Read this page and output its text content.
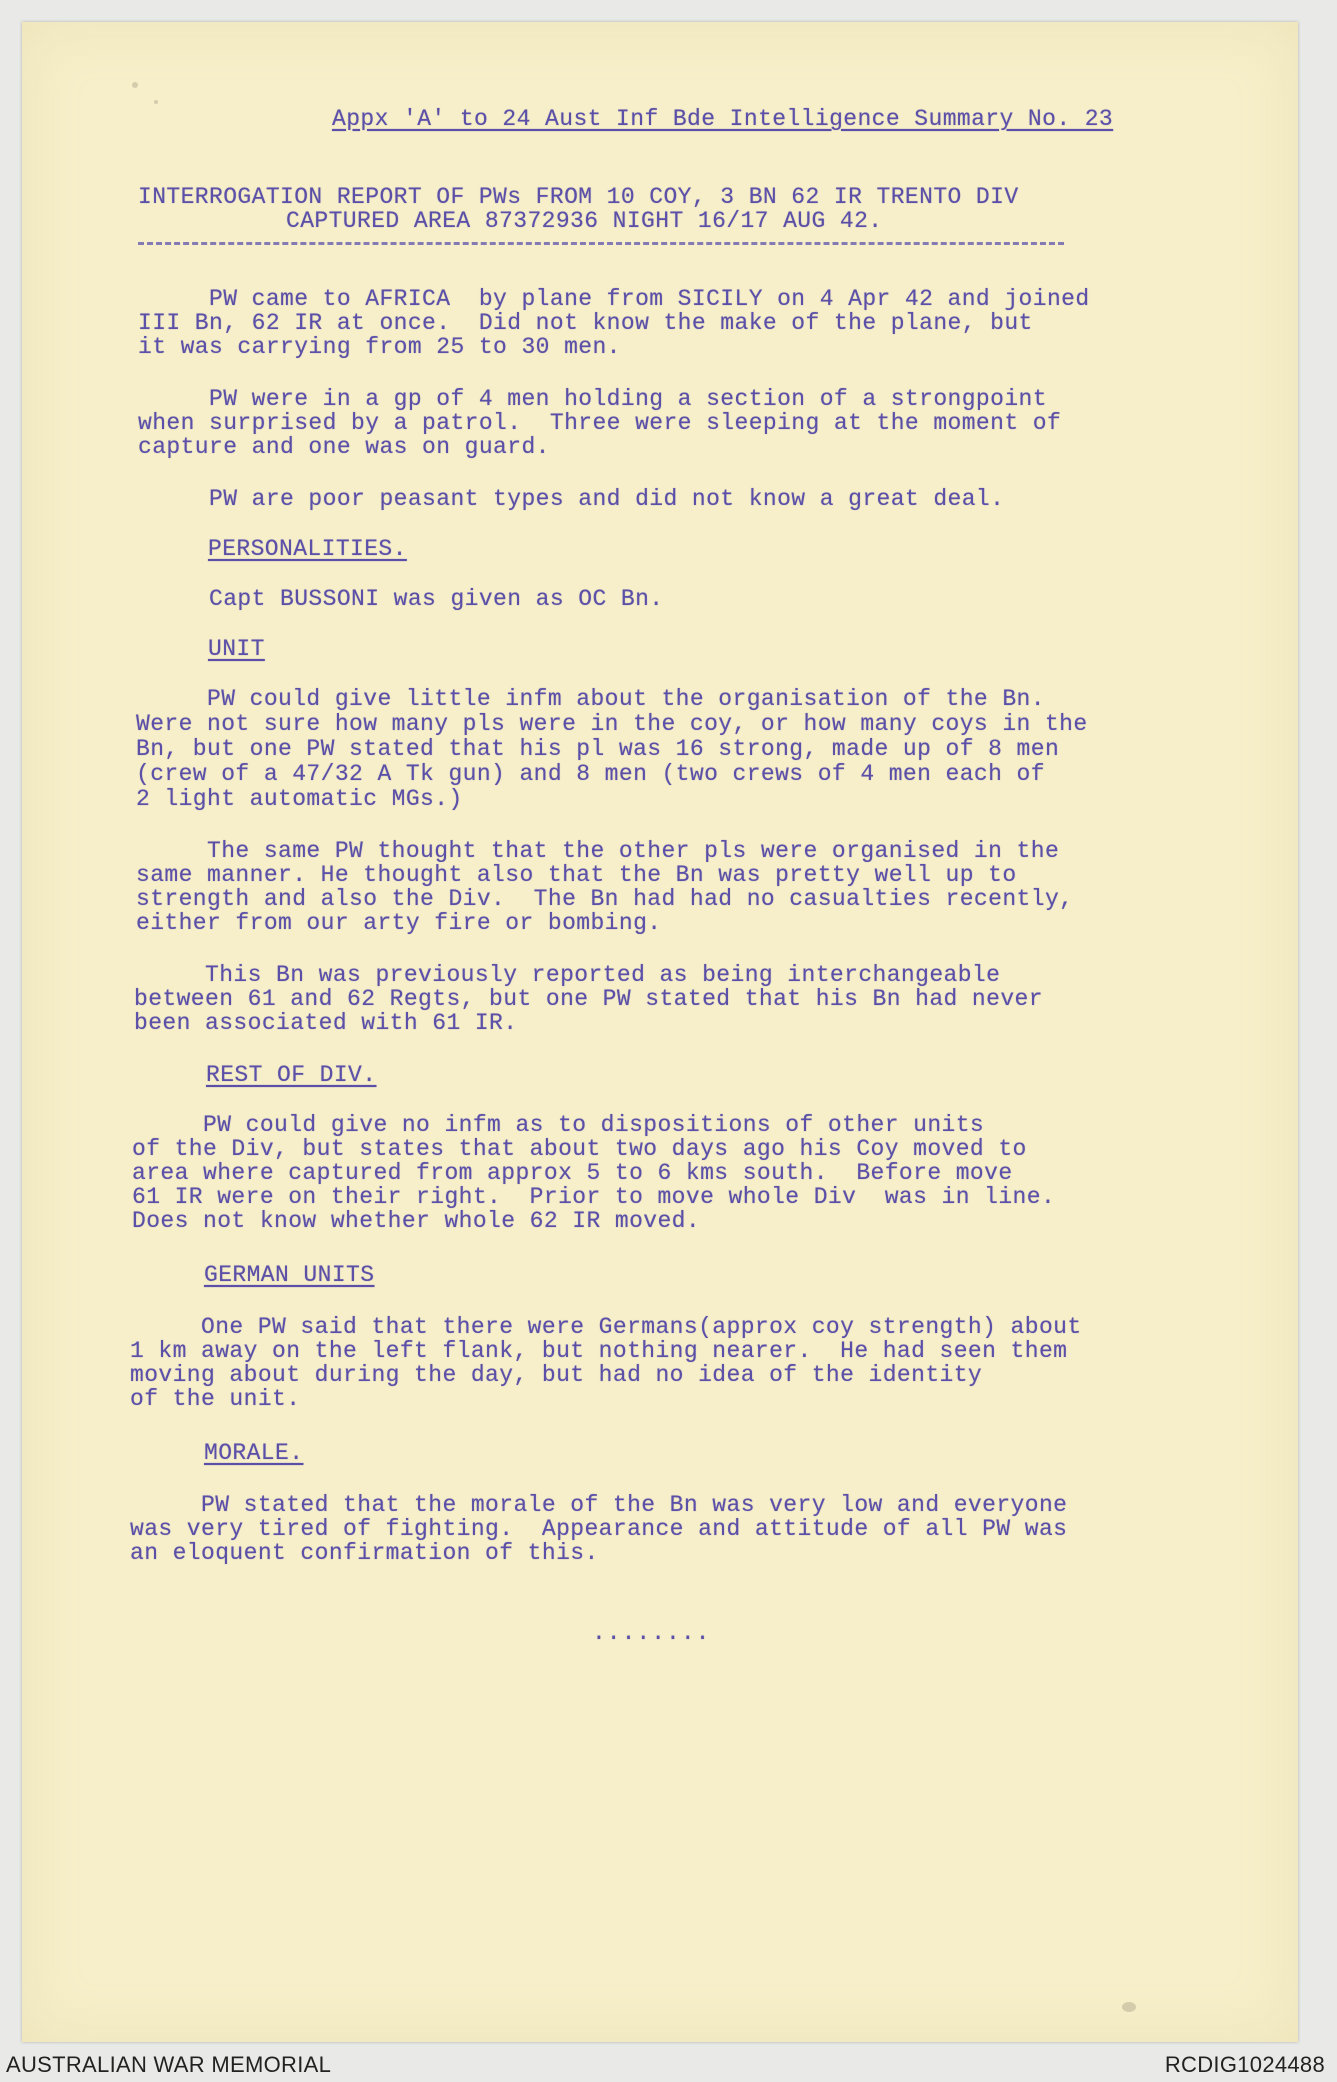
Appx 'A' to 24 Aust Inf Bde Intelligence Summary No. 23
INTERROGATION REPORT OF PWs FROM 10 COY, 3 BN 62 IR TRENTO DIV
CAPTURED AREA 87372936 NIGHT 16/17 AUG 42.
PW came to AFRICA  by plane from SICILY on 4 Apr 42 and joined
III Bn, 62 IR at once.  Did not know the make of the plane, but
it was carrying from 25 to 30 men.
PW were in a gp of 4 men holding a section of a strongpoint
when surprised by a patrol.  Three were sleeping at the moment of
capture and one was on guard.
PW are poor peasant types and did not know a great deal.
PERSONALITIES.
Capt BUSSONI was given as OC Bn.
UNIT
PW could give little infm about the organisation of the Bn.
Were not sure how many pls were in the coy, or how many coys in the
Bn, but one PW stated that his pl was 16 strong, made up of 8 men
(crew of a 47/32 A Tk gun) and 8 men (two crews of 4 men each of
2 light automatic MGs.)
The same PW thought that the other pls were organised in the
same manner. He thought also that the Bn was pretty well up to
strength and also the Div.  The Bn had had no casualties recently,
either from our arty fire or bombing.
This Bn was previously reported as being interchangeable
between 61 and 62 Regts, but one PW stated that his Bn had never
been associated with 61 IR.
REST OF DIV.
PW could give no infm as to dispositions of other units
of the Div, but states that about two days ago his Coy moved to
area where captured from approx 5 to 6 kms south.  Before move
61 IR were on their right.  Prior to move whole Div  was in line.
Does not know whether whole 62 IR moved.
GERMAN UNITS
One PW said that there were Germans(approx coy strength) about
1 km away on the left flank, but nothing nearer.  He had seen them
moving about during the day, but had no idea of the identity
of the unit.
MORALE.
PW stated that the morale of the Bn was very low and everyone
was very tired of fighting.  Appearance and attitude of all PW was
an eloquent confirmation of this.
........
AUSTRALIAN WAR MEMORIAL	RCDIG1024488
